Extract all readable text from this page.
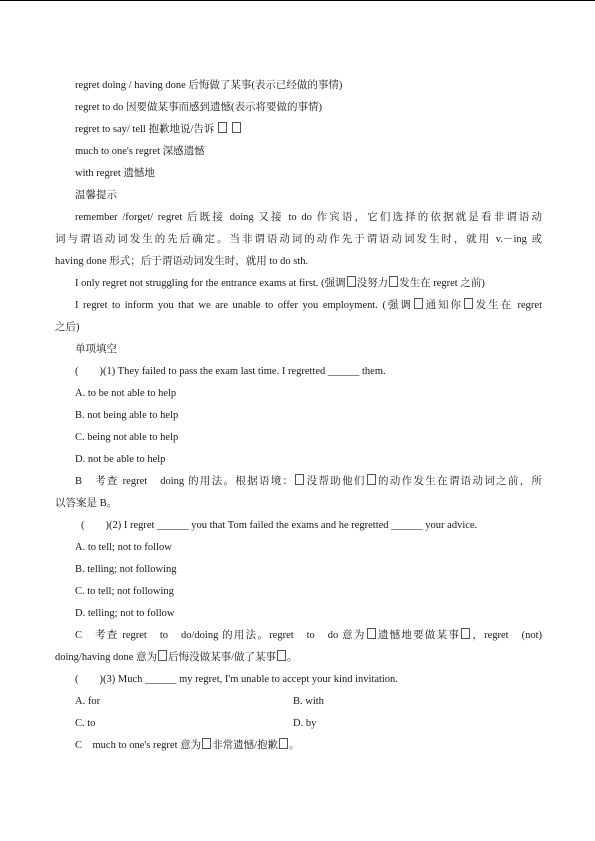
regret doing / having done 后悔做了某事(表示已经做的事情)
regret to do 因要做某事而感到遗憾(表示将要做的事情)
regret to say/ tell 抱歉地说/告诉
much to one's regret 深感遗憾
with regret 遗憾地
温馨提示
remember /forget/ regret 后既接 doing 又接 to do 作宾语，它们选择的依据就是看非谓语动
词与谓语动词发生的先后确定。当非谓语动词的动作先于谓语动词发生时，就用 v.－ing 或
having done 形式；后于谓语动词发生时，就用 to do sth.
I only regret not struggling for the entrance exams at first. (强调 没努力 发生在 regret 之前)
I regret to inform you that we are unable to offer you employment. (强调 通知你 发生在 regret
之后)
单项填空
(　　)(1) They failed to pass the exam last time. I regretted ______ them.
A. to be not able to help
B. not being able to help
C. being not able to help
D. not be able to help
B　考查 regret　doing 的用法。根据语境： 没帮助他们 的动作发生在谓语动词之前，所
以答案是 B。
(　　)(2) I regret ______ you that Tom failed the exams and he regretted ______ your advice.
A. to tell; not to follow
B. telling; not following
C. to tell; not following
D. telling; not to follow
C　考查 regret　to　do/doing 的用法。regret　to　do 意为 遗憾地要做某事 ，regret　(not)
doing/having done 意为 后悔没做某事/做了某事 。
(　　)(3) Much ______ my regret, I'm unable to accept your kind invitation.
A. for	B. with
C. to	D. by
C　much to one's regret 意为 非常遗憾/抱歉 。
